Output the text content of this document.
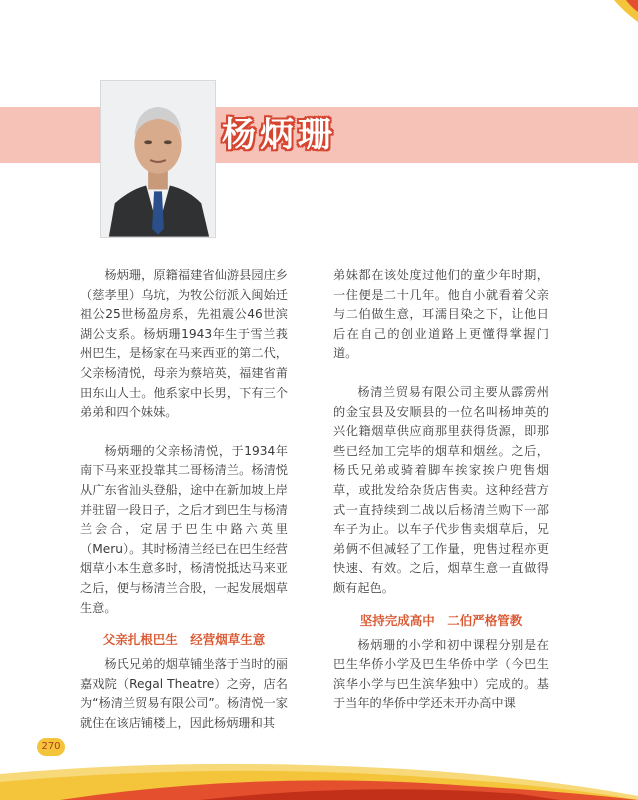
杨炳珊

杨炳珊，原籍福建省仙游县园庄乡（慈孝里）乌坑，为牧公衍派入闽始迁祖公25世杨盈房系，先祖震公46世滨湖公支系。杨炳珊1943年生于雪兰莪州巴生，是杨家在马来西亚的第二代，父亲杨清悦，母亲为蔡培英，福建省莆田东山人士。他系家中长男，下有三个弟弟和四个妹妹。

杨炳珊的父亲杨清悦，于1934年南下马来亚投靠其二哥杨清兰。杨清悦从广东省汕头登船，途中在新加坡上岸并驻留一段日子，之后才到巴生与杨清兰会合，定居于巴生中路六英里（Meru）。其时杨清兰经已在巴生经营烟草小本生意多时，杨清悦抵达马来亚之后，便与杨清兰合股，一起发展烟草生意。

父亲扎根巴生　经营烟草生意

杨氏兄弟的烟草铺坐落于当时的丽嘉戏院（Regal Theatre）之旁，店名为“杨清兰贸易有限公司”。杨清悦一家就住在该店铺楼上，因此杨炳珊和其

弟妹都在该处度过他们的童少年时期，一住便是二十几年。他自小就看着父亲与二伯做生意，耳濡目染之下，让他日后在自己的创业道路上更懂得掌握门道。

杨清兰贸易有限公司主要从霹雳州的金宝县及安顺县的一位名叫杨坤英的兴化籍烟草供应商那里获得货源，即那些已经加工完毕的烟草和烟丝。之后，杨氏兄弟或骑着脚车挨家挨户兜售烟草，或批发给杂货店售卖。这种经营方式一直持续到二战以后杨清兰购下一部车子为止。以车子代步售卖烟草后，兄弟俩不但减轻了工作量，兜售过程亦更快速、有效。之后，烟草生意一直做得颇有起色。

坚持完成高中　二伯严格管教

杨炳珊的小学和初中课程分别是在巴生华侨小学及巴生华侨中学（今巴生滨华小学与巴生滨华独中）完成的。基于当年的华侨中学还未开办高中课

270
